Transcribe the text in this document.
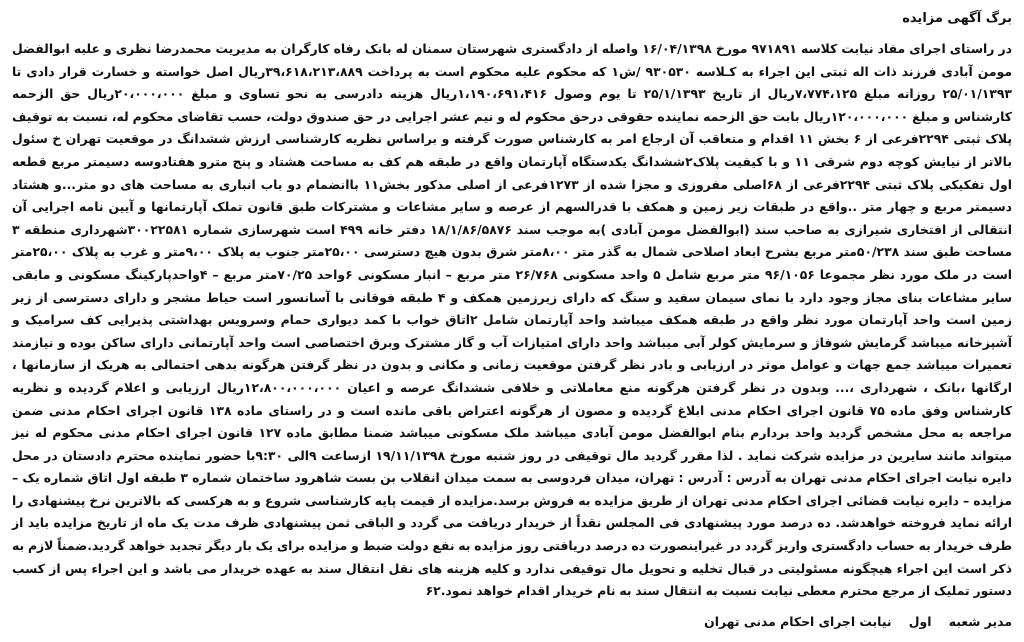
برگ آگهی مزایده
در راستای اجرای مفاد نیابت کلاسه ۹۷۱۸۹۱ مورخ ۱۶/۰۴/۱۳۹۸ واصله از دادگستری شهرستان سمنان له بانک رفاه کارگران به مدیریت محمدرضا نظری و علیه ابوالفضل مومن آبادی فرزند ذات اله ثبتی این اجراء به کـلاسه ۹۳۰۵۳۰ /ش۱ که محکوم علیه محکوم است به پرداخت ۳۹،۶۱۸،۲۱۳،۸۸۹ریال اصل خواسته و خسارت قرار دادی تا ۲۵/۰۱/۱۳۹۳ روزانه مبلغ ۷،۷۷۴،۱۲۵ریال از تاریخ ۲۵/۱/۱۳۹۳ تا یوم وصول ۱،۱۹۰،۶۹۱،۴۱۶ریال هزینه دادرسی به نحو تساوی و مبلغ ۲۰،۰۰۰،۰۰۰ریال حق الزحمه کارشناس و مبلغ ۱۲۰،۰۰۰،۰۰۰ریال بابت حق الزحمه نماینده حقوقی درحق محکوم له و نیم عشر اجرایی در حق صندوق دولت، حسب تقاضای محکوم له، نسبت به توقیف پلاک ثبتی ۲۲۹۴فرعی از ۶ بخش ۱۱ اقدام و متعاقب آن ارجاع امر به کارشناس صورت گرفته و براساس نظریه کارشناسی ارزش ششدانگ در موقعیت تهران خ سئول بالاتر از نیایش کوچه دوم شرقی ۱۱ و با کیفیت پلاک۲ششدانگ یکدستگاه آپارتمان واقع در طبقه هم کف به مساحت هشتاد و پنج مترو هفتادوسه دسیمتر مربع قطعه اول تفکیکی پلاک ثبتی ۲۲۹۴فرعی از ۶۸اصلی مفروزی و مجزا شده از ۱۲۷۳فرعی از اصلی مذکور بخش۱۱ باانضمام دو باب انباری به مساحت های دو متر...و هشتاد دسیمتر مربع و چهار متر ..واقع در طبقات زیر زمین و همکف با قدرالسهم از عرصه و سایر مشاعات و مشترکات طبق قانون تملک آپارتمانها و آیین نامه اجرایی آن انتقالی از افتخاری شیرازی به صاحب سند (ابوالفضل مومن آبادی )به موجب سند ۱۸/۱/۸۶/۵۸۷۶ دفتر خانه ۴۹۹ است شهرسازی شماره ۳۰۰۲۲۵۸۱شهرداری منطقه ۳ مساحت طبق سند ۵۰/۲۳۸متر مربع بشرح ابعاد اصلاحی شمال به گذر متر ۸،۰۰متر شرق بدون هیچ دسترسی ۲۵،۰۰متر جنوب به پلاک ۹،۰۰متر و غرب به پلاک ۲۵،۰۰متر است در ملک مورد نظر مجموعا ۹۶/۱۰۵۶ متر مربع شامل ۵ واحد مسکونی ۲۶/۷۶۸ متر مربع – انبار مسکونی ۶واحد ۷۰/۲۵متر مربع – ۴واحدپارکینگ مسکونی و مابقی سایر مشاعات بنای مجاز وجود دارد با نمای سیمان سفید و سنگ که دارای زیرزمین همکف و ۴ طبقه فوقانی با آسانسور است حیاط مشجر و دارای دسترسی از زیر زمین است واحد آپارتمان مورد نظر واقع در طبقه همکف میباشد واحد آپارتمان شامل ۲اتاق خواب با کمد دیواری حمام وسرویس بهداشتی پذیرایی کف سرامیک و آشپزخانه میباشد گرمایش شوفاژ و سرمایش کولر آبی میباشد واحد دارای امتیازات آب و گاز مشترک وبرق اختصاصی است واحد آپارتمانی دارای ساکن بوده و نیازمند تعمیرات میباشد جمع جهات و عوامل موثر در ارزیابی و بادر نظر گرفتن موقعیت زمانی و مکانی و بدون در نظر گرفتن هرگونه بدهی احتمالی به هریک از سازمانها ، ارگانها ،بانک ، شهرداری ،... وبدون در نظر گرفتن هرگونه منع معاملاتی و خلافی ششدانگ عرصه و اعیان ۱۲،۸۰۰،۰۰۰،۰۰۰ریال ارزیابی و اعلام گردیده و نظریه کارشناس وفق ماده ۷۵ قانون اجرای احکام مدنی ابلاغ گردیده و مصون از هرگونه اعتراض باقی مانده است و در راستای ماده ۱۳۸ قانون اجرای احکام مدنی ضمن مراجعه به محل مشخص گردید واحد بردارم بنام ابوالفضل مومن آبادی میباشد ملک مسکونی میباشد ضمنا مطابق ماده ۱۲۷ قانون اجرای احکام مدنی محکوم له نیز میتواند مانند سایرین در مزایده شرکت نماید . لذا مقرر گردید مال توقیفی در روز شنبه مورخ ۱۹/۱۱/۱۳۹۸ ازساعت ۹الی ۹:۳۰با حضور نماینده محترم دادستان در محل دایره نیابت اجرای احکام مدنی تهران به آدرس : آدرس : تهران، میدان فردوسی به سمت میدان انقلاب بن بست شاهرود ساختمان شماره ۳ طبقه اول اتاق شماره یک –مزایده – دایره نیابت قضائی اجرای احکام مدنی تهران از طریق مزایده به فروش برسد.مزایده از قیمت پایه کارشناسی شروع و به هرکسی که بالاترین نرخ پیشنهادی را ارائه نماید فروخته خواهدشد. ده درصد مورد پیشنهادی فی المجلس نقداً از خریدار دریافت می گردد و الباقی ثمن پیشنهادی ظرف مدت یک ماه از تاریخ مزایده باید از طرف خریدار به حساب دادگستری واریز گردد در غیراینصورت ده درصد دریافتی روز مزایده به نفع دولت ضبط و مزایده برای یک بار دیگر تجدید خواهد گردید.ضمناً لازم به ذکر است این اجراء هیچگونه مسئولیتی در قبال تخلیه و تحویل مال توقیفی ندارد و کلیه هزینه های نقل انتقال سند به عهده خریدار می باشد و این اجراء پس از کسب دستور تملیک از مرجع محترم معطی نیابت نسبت به انتقال سند به نام خریدار اقدام خواهد نمود.۶۲
مدیر شعبه    اول    نیابت اجرای احکام مدنی تهران
